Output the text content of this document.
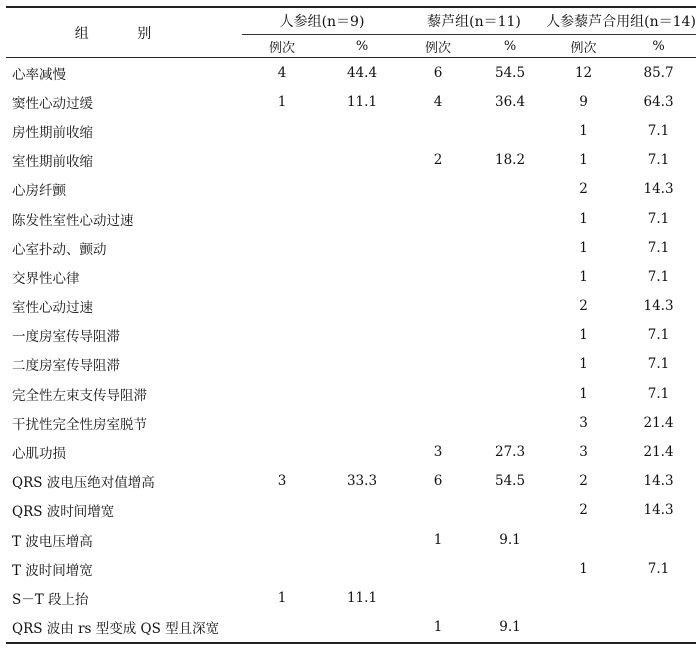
组 别	人参组(n＝9)		藜芦组(n＝11)		人参藜芦合用组(n＝14)	
	例次	%	例次	%	例次	%
心率减慢	4	44.4	6	54.5	12	85.7
窦性心动过缓	1	11.1	4	36.4	9	64.3
房性期前收缩					1	7.1
室性期前收缩			2	18.2	1	7.1
心房纤颤					2	14.3
陈发性室性心动过速					1	7.1
心室扑动、颤动					1	7.1
交界性心律					1	7.1
室性心动过速					2	14.3
一度房室传导阻滞					1	7.1
二度房室传导阻滞					1	7.1
完全性左束支传导阻滞					1	7.1
干扰性完全性房室脱节					3	21.4
心肌功损			3	27.3	3	21.4
QRS 波电压绝对值增高	3	33.3	6	54.5	2	14.3
QRS 波时间增宽					2	14.3
T 波电压增高			1	9.1		
T 波时间增宽					1	7.1
S－T 段上抬	1	11.1				
QRS 波由 rs 型变成 QS 型且深宽			1	9.1		
